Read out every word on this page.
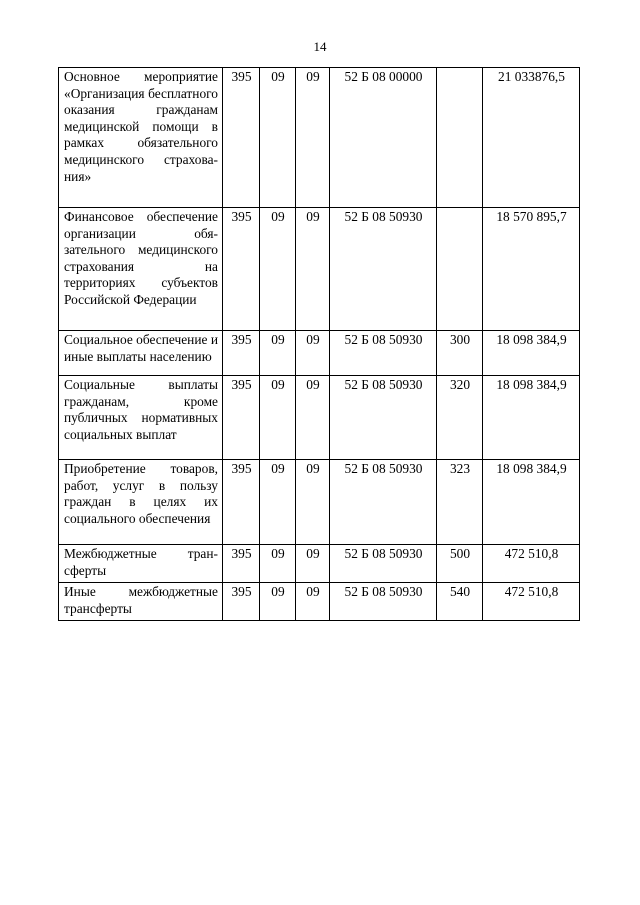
14
Основное мероприятие «Организация бесплатного оказания гражданам медицинской помощи в рамках обязательного медицинского страхования»	395	09	09	52 Б 08 00000		21 033876,5
Финансовое обеспечение организации обязательного медицинского страхования на территориях субъектов Российской Федерации	395	09	09	52 Б 08 50930		18 570 895,7
Социальное обеспечение и иные выплаты населению	395	09	09	52 Б 08 50930	300	18 098 384,9
Социальные выплаты гражданам, кроме публичных нормативных социальных выплат	395	09	09	52 Б 08 50930	320	18 098 384,9
Приобретение товаров, работ, услуг в пользу граждан в целях их социального обеспечения	395	09	09	52 Б 08 50930	323	18 098 384,9
Межбюджетные трансферты	395	09	09	52 Б 08 50930	500	472 510,8
Иные межбюджетные трансферты	395	09	09	52 Б 08 50930	540	472 510,8
